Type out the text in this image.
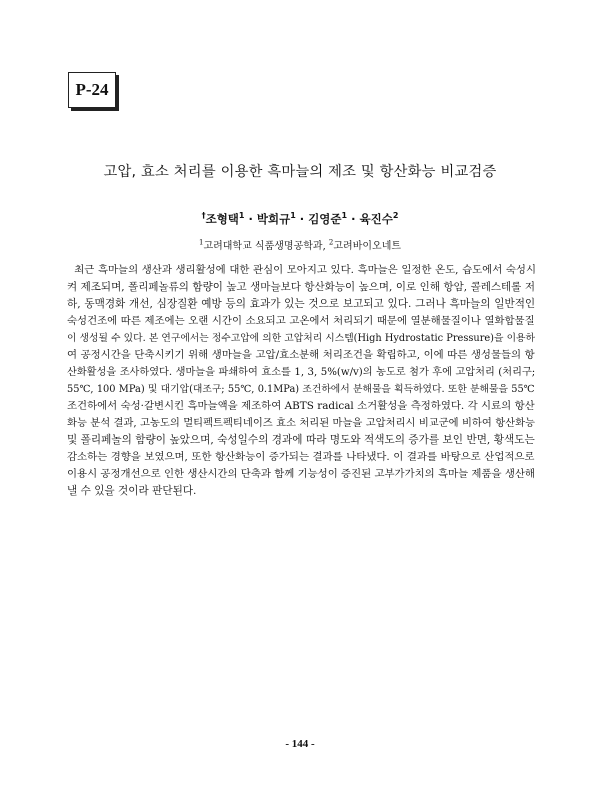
P-24
고압, 효소 처리를 이용한 흑마늘의 제조 및 항산화능 비교검증
†조형택$^1$ · 박희규$^1$ · 김영준$^1$ · 육진수$^2$
$^1$고려대학교 식품생명공학과, $^2$고려바이오네트
최근 흑마늘의 생산과 생리활성에 대한 관심이 모아지고 있다. 흑마늘은 일정한 온도, 습도에서 숙성시
켜 제조되며, 폴리페놀류의 함량이 높고 생마늘보다 항산화능이 높으며, 이로 인해 항암, 콜레스테롤 저
하, 동맥경화 개선, 심장질환 예방 등의 효과가 있는 것으로 보고되고 있다. 그러나 흑마늘의 일반적인
숙성건조에 따른 제조에는 오랜 시간이 소요되고 고온에서 처리되기 때문에 열분해물질이나 열화합물질
이 생성될 수 있다. 본 연구에서는 정수고압에 의한 고압처리 시스템(High Hydrostatic Pressure)을 이용하
여 공정시간을 단축시키기 위해 생마늘을 고압/효소분해 처리조건을 확립하고, 이에 따른 생성물들의 항
산화활성을 조사하였다. 생마늘을 파쇄하여 효소를 1, 3, 5%(w/v)의 농도로 첨가 후에 고압처리 (처리구;
55℃, 100 MPa) 및 대기압(대조구; 55℃, 0.1MPa) 조건하에서 분해물을 획득하였다. 또한 분해물을 55℃
조건하에서 숙성·갈변시킨 흑마늘액을 제조하여 ABTS radical 소거활성을 측정하였다. 각 시료의 항산
화능 분석 결과, 고농도의 멀티펙트펙티네이즈 효소 처리된 마늘을 고압처리시 비교군에 비하여 항산화능
및 폴리페놀의 함량이 높았으며, 숙성일수의 경과에 따라 명도와 적색도의 증가를 보인 반면, 황색도는
감소하는 경향을 보였으며, 또한 항산화능이 증가되는 결과를 나타냈다. 이 결과를 바탕으로 산업적으로
이용시 공정개선으로 인한 생산시간의 단축과 함께 기능성이 증진된 고부가가치의 흑마늘 제품을 생산해
낼 수 있을 것이라 판단된다.
- 144 -
